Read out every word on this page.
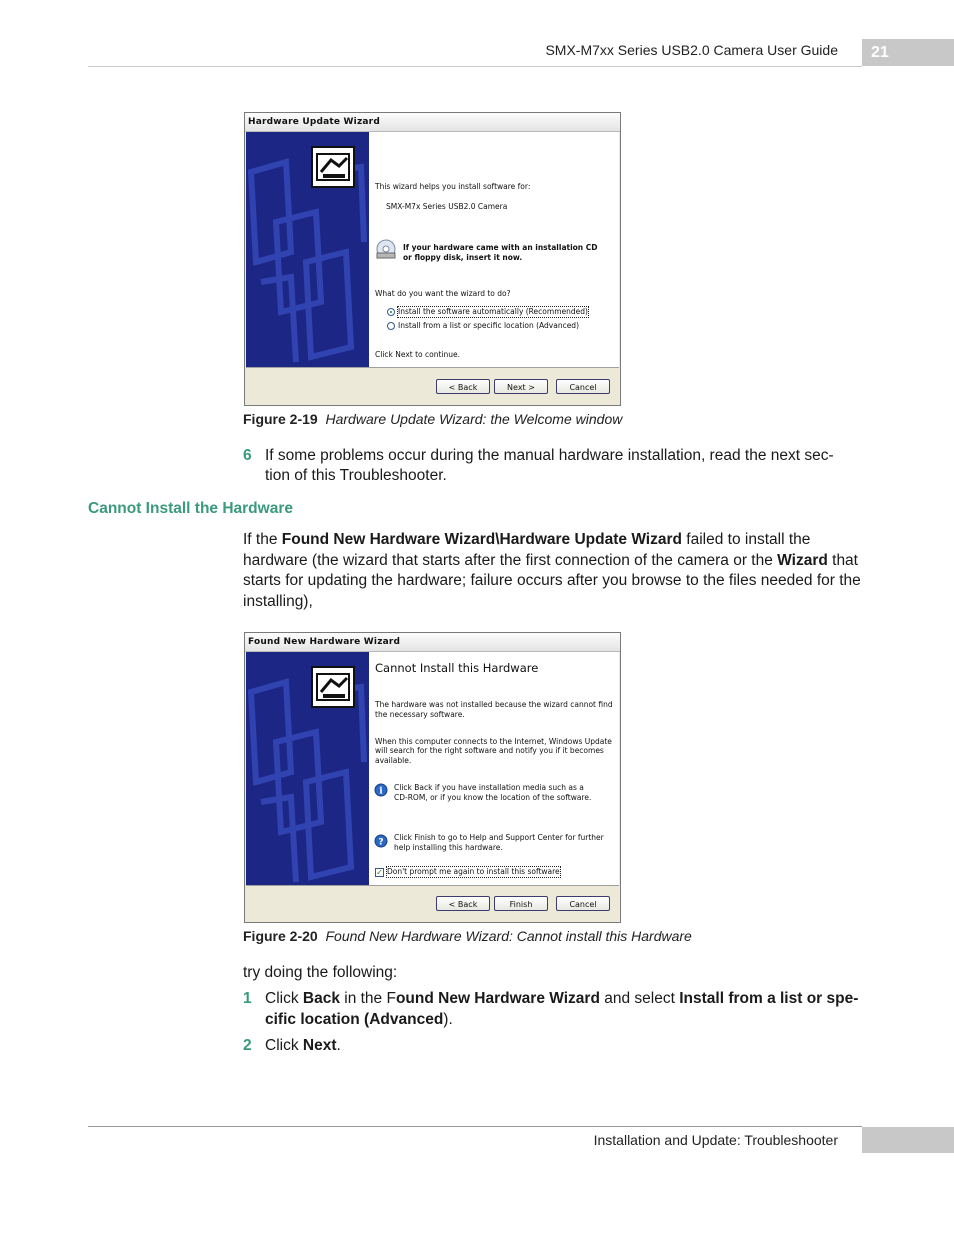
SMX-M7xx Series USB2.0 Camera User Guide	21
Hardware Update Wizard
This wizard helps you install software for:
SMX-M7x Series USB2.0 Camera
If your hardware came with an installation CD
or floppy disk, insert it now.
What do you want the wizard to do?
Install the software automatically (Recommended)
Install from a list or specific location (Advanced)
Click Next to continue.
< Back	Next >	Cancel
Figure 2-19 Hardware Update Wizard: the Welcome window
6 If some problems occur during the manual hardware installation, read the next sec-
tion of this Troubleshooter.
Cannot Install the Hardware
If the Found New Hardware Wizard\Hardware Update Wizard failed to install the hardware (the wizard that starts after the first connection of the camera or the Wizard that starts for updating the hardware; failure occurs after you browse to the files needed for the installing),
Found New Hardware Wizard
Cannot Install this Hardware
The hardware was not installed because the wizard cannot find
the necessary software.
When this computer connects to the Internet, Windows Update
will search for the right software and notify you if it becomes
available.
i Click Back if you have installation media such as a
CD-ROM, or if you know the location of the software.
? Click Finish to go to Help and Support Center for further
help installing this hardware.
✓ Don't prompt me again to install this software
< Back	Finish	Cancel
Figure 2-20 Found New Hardware Wizard: Cannot install this Hardware
try doing the following:
1 Click Back in the Found New Hardware Wizard and select Install from a list or spe-
cific location (Advanced).
2 Click Next.
Installation and Update: Troubleshooter
